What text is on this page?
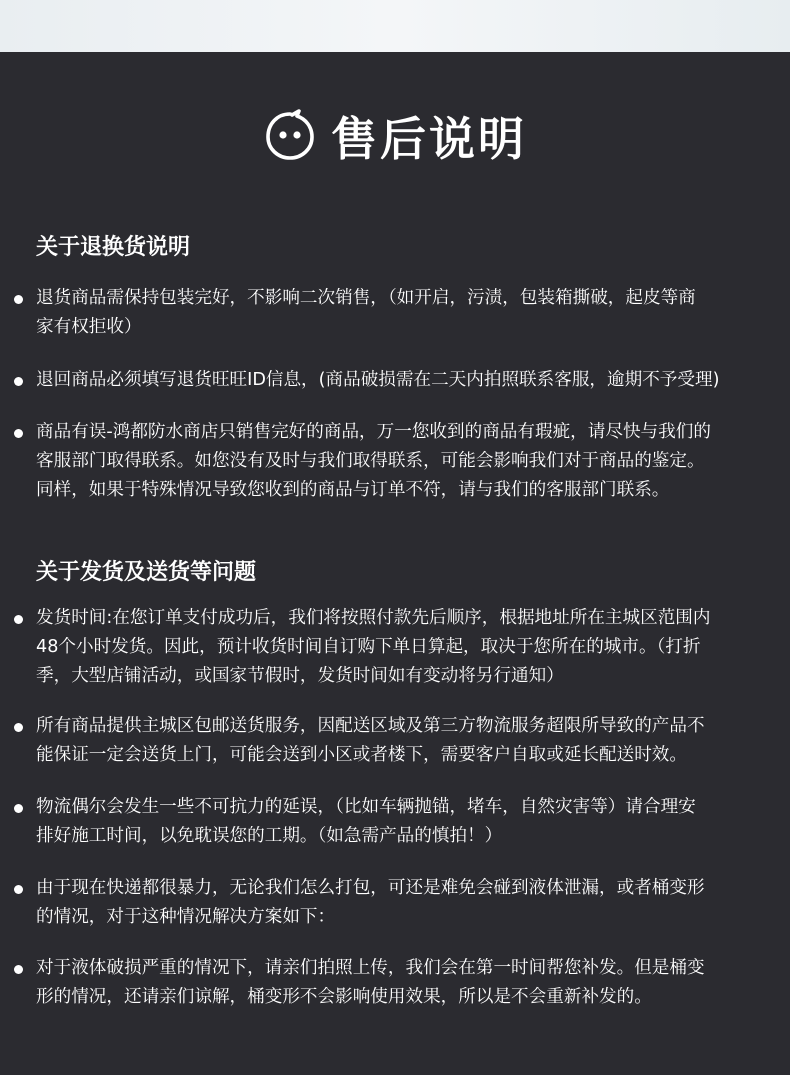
售后说明
关于退换货说明
退货商品需保持包装完好，不影响二次销售，（如开启，污渍，包装箱撕破，起皮等商
家有权拒收）
退回商品必须填写退货旺旺ID信息，(商品破损需在二天内拍照联系客服，逾期不予受理)
商品有误-鸿都防水商店只销售完好的商品，万一您收到的商品有瑕疵，请尽快与我们的
客服部门取得联系。如您没有及时与我们取得联系，可能会影响我们对于商品的鉴定。
同样，如果于特殊情况导致您收到的商品与订单不符，请与我们的客服部门联系。
关于发货及送货等问题
发货时间:在您订单支付成功后，我们将按照付款先后顺序，根据地址所在主城区范围内
48个小时发货。因此，预计收货时间自订购下单日算起，取决于您所在的城市。（打折
季，大型店铺活动，或国家节假时，发货时间如有变动将另行通知）
所有商品提供主城区包邮送货服务，因配送区域及第三方物流服务超限所导致的产品不
能保证一定会送货上门，可能会送到小区或者楼下，需要客户自取或延长配送时效。
物流偶尔会发生一些不可抗力的延误，（比如车辆抛锚，堵车，自然灾害等）请合理安
排好施工时间，以免耽误您的工期。（如急需产品的慎拍！）
由于现在快递都很暴力，无论我们怎么打包，可还是难免会碰到液体泄漏，或者桶变形
的情况，对于这种情况解决方案如下：
对于液体破损严重的情况下，请亲们拍照上传，我们会在第一时间帮您补发。但是桶变
形的情况，还请亲们谅解，桶变形不会影响使用效果，所以是不会重新补发的。
